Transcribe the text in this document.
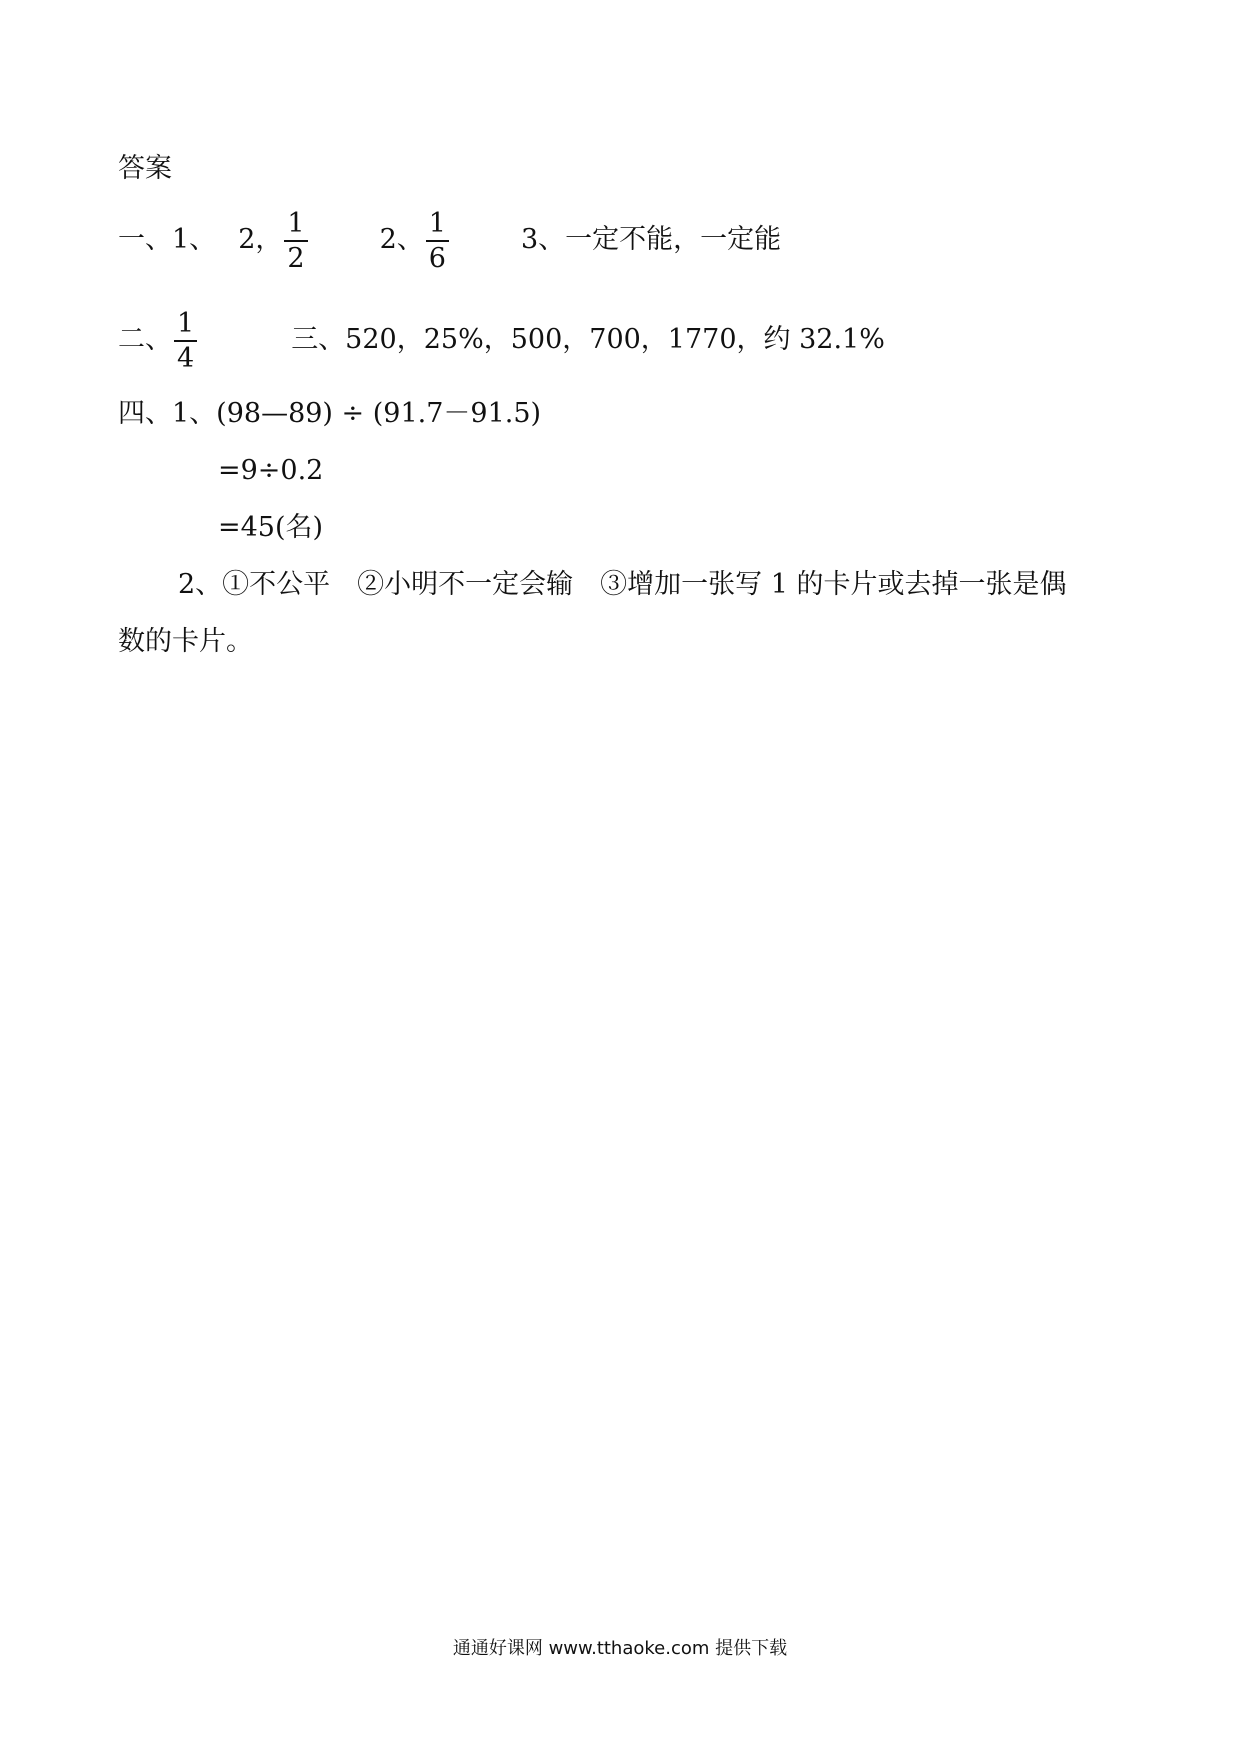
答案
一、1、 2， $\frac{1}{2}$	2、 $\frac{1}{6}$	3、一定不能，一定能
二、 $\frac{1}{4}$	三、520，25%，500，700，1770，约 32.1%
四、1、(98—89) ÷ (91.7－91.5)
=9÷0.2
=45(名)
2、①不公平　②小明不一定会输　③增加一张写 1 的卡片或去掉一张是偶
数的卡片。
通通好课网 www.tthaoke.com 提供下载
